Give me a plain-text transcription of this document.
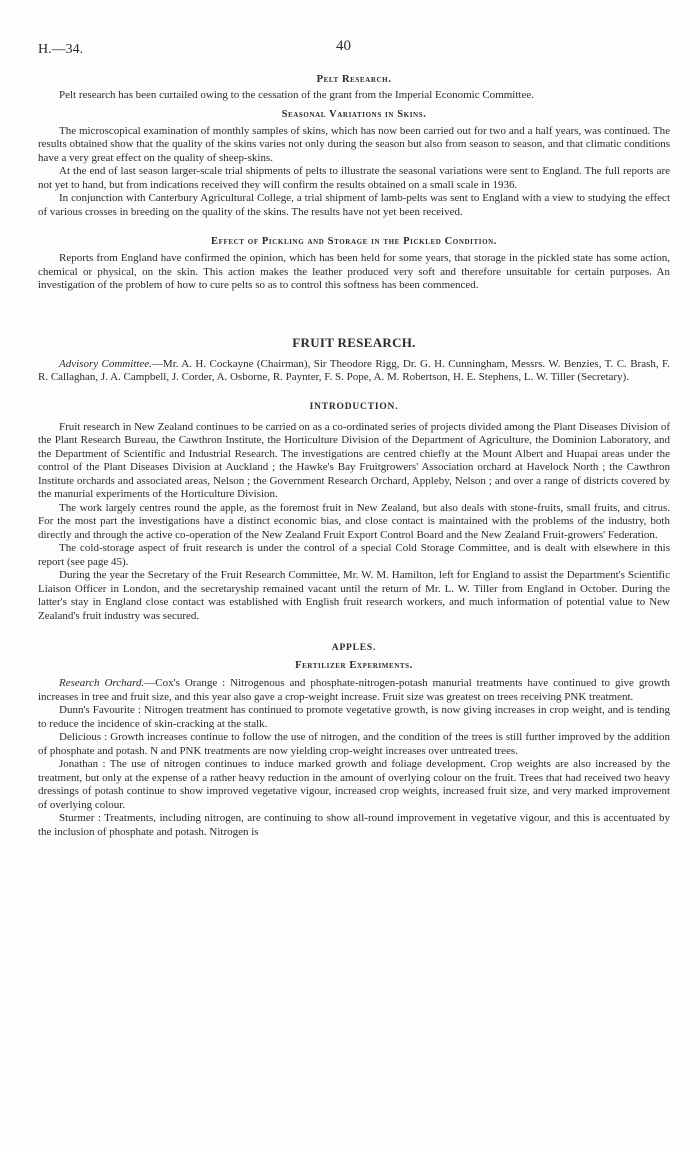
H.—34.	40
Pelt Research.

Pelt research has been curtailed owing to the cessation of the grant from the Imperial Economic Committee.

Seasonal Variations in Skins.

The microscopical examination of monthly samples of skins, which has now been carried out for two and a half years, was continued. The results obtained show that the quality of the skins varies not only during the season but also from season to season, and that climatic conditions have a very great effect on the quality of sheep-skins.

At the end of last season larger-scale trial shipments of pelts to illustrate the seasonal variations were sent to England. The full reports are not yet to hand, but from indications received they will confirm the results obtained on a small scale in 1936.

In conjunction with Canterbury Agricultural College, a trial shipment of lamb-pelts was sent to England with a view to studying the effect of various crosses in breeding on the quality of the skins. The results have not yet been received.

Effect of Pickling and Storage in the Pickled Condition.

Reports from England have confirmed the opinion, which has been held for some years, that storage in the pickled state has some action, chemical or physical, on the skin. This action makes the leather produced very soft and therefore unsuitable for certain purposes. An investigation of the problem of how to cure pelts so as to control this softness has been commenced.

FRUIT RESEARCH.

Advisory Committee.—Mr. A. H. Cockayne (Chairman), Sir Theodore Rigg, Dr. G. H. Cunningham, Messrs. W. Benzies, T. C. Brash, F. R. Callaghan, J. A. Campbell, J. Corder, A. Osborne, R. Paynter, F. S. Pope, A. M. Robertson, H. E. Stephens, L. W. Tiller (Secretary).

INTRODUCTION.

Fruit research in New Zealand continues to be carried on as a co-ordinated series of projects divided among the Plant Diseases Division of the Plant Research Bureau, the Cawthron Institute, the Horticulture Division of the Department of Agriculture, the Dominion Laboratory, and the Department of Scientific and Industrial Research. The investigations are centred chiefly at the Mount Albert and Huapai areas under the control of the Plant Diseases Division at Auckland ; the Hawke's Bay Fruitgrowers' Association orchard at Havelock North ; the Cawthron Institute orchards and associated areas, Nelson ; the Government Research Orchard, Appleby, Nelson ; and over a range of districts covered by the manurial experiments of the Horticulture Division.

The work largely centres round the apple, as the foremost fruit in New Zealand, but also deals with stone-fruits, small fruits, and citrus. For the most part the investigations have a distinct economic bias, and close contact is maintained with the problems of the industry, both directly and through the active co-operation of the New Zealand Fruit Export Control Board and the New Zealand Fruit-growers' Federation.

The cold-storage aspect of fruit research is under the control of a special Cold Storage Committee, and is dealt with elsewhere in this report (see page 45).

During the year the Secretary of the Fruit Research Committee, Mr. W. M. Hamilton, left for England to assist the Department's Scientific Liaison Officer in London, and the secretaryship remained vacant until the return of Mr. L. W. Tiller from England in October. During the latter's stay in England close contact was established with English fruit research workers, and much information of potential value to New Zealand's fruit industry was secured.

APPLES.
Fertilizer Experiments.

Research Orchard.—Cox's Orange : Nitrogenous and phosphate-nitrogen-potash manurial treatments have continued to give growth increases in tree and fruit size, and this year also gave a crop-weight increase. Fruit size was greatest on trees receiving PNK treatment.

Dunn's Favourite : Nitrogen treatment has continued to promote vegetative growth, is now giving increases in crop weight, and is tending to reduce the incidence of skin-cracking at the stalk.

Delicious : Growth increases continue to follow the use of nitrogen, and the condition of the trees is still further improved by the addition of phosphate and potash. N and PNK treatments are now yielding crop-weight increases over untreated trees.

Jonathan : The use of nitrogen continues to induce marked growth and foliage development. Crop weights are also increased by the treatment, but only at the expense of a rather heavy reduction in the amount of overlying colour on the fruit. Trees that had received two heavy dressings of potash continue to show improved vegetative vigour, increased crop weights, increased fruit size, and very marked improvement of overlying colour.

Sturmer : Treatments, including nitrogen, are continuing to show all-round improvement in vegetative vigour, and this is accentuated by the inclusion of phosphate and potash. Nitrogen is
